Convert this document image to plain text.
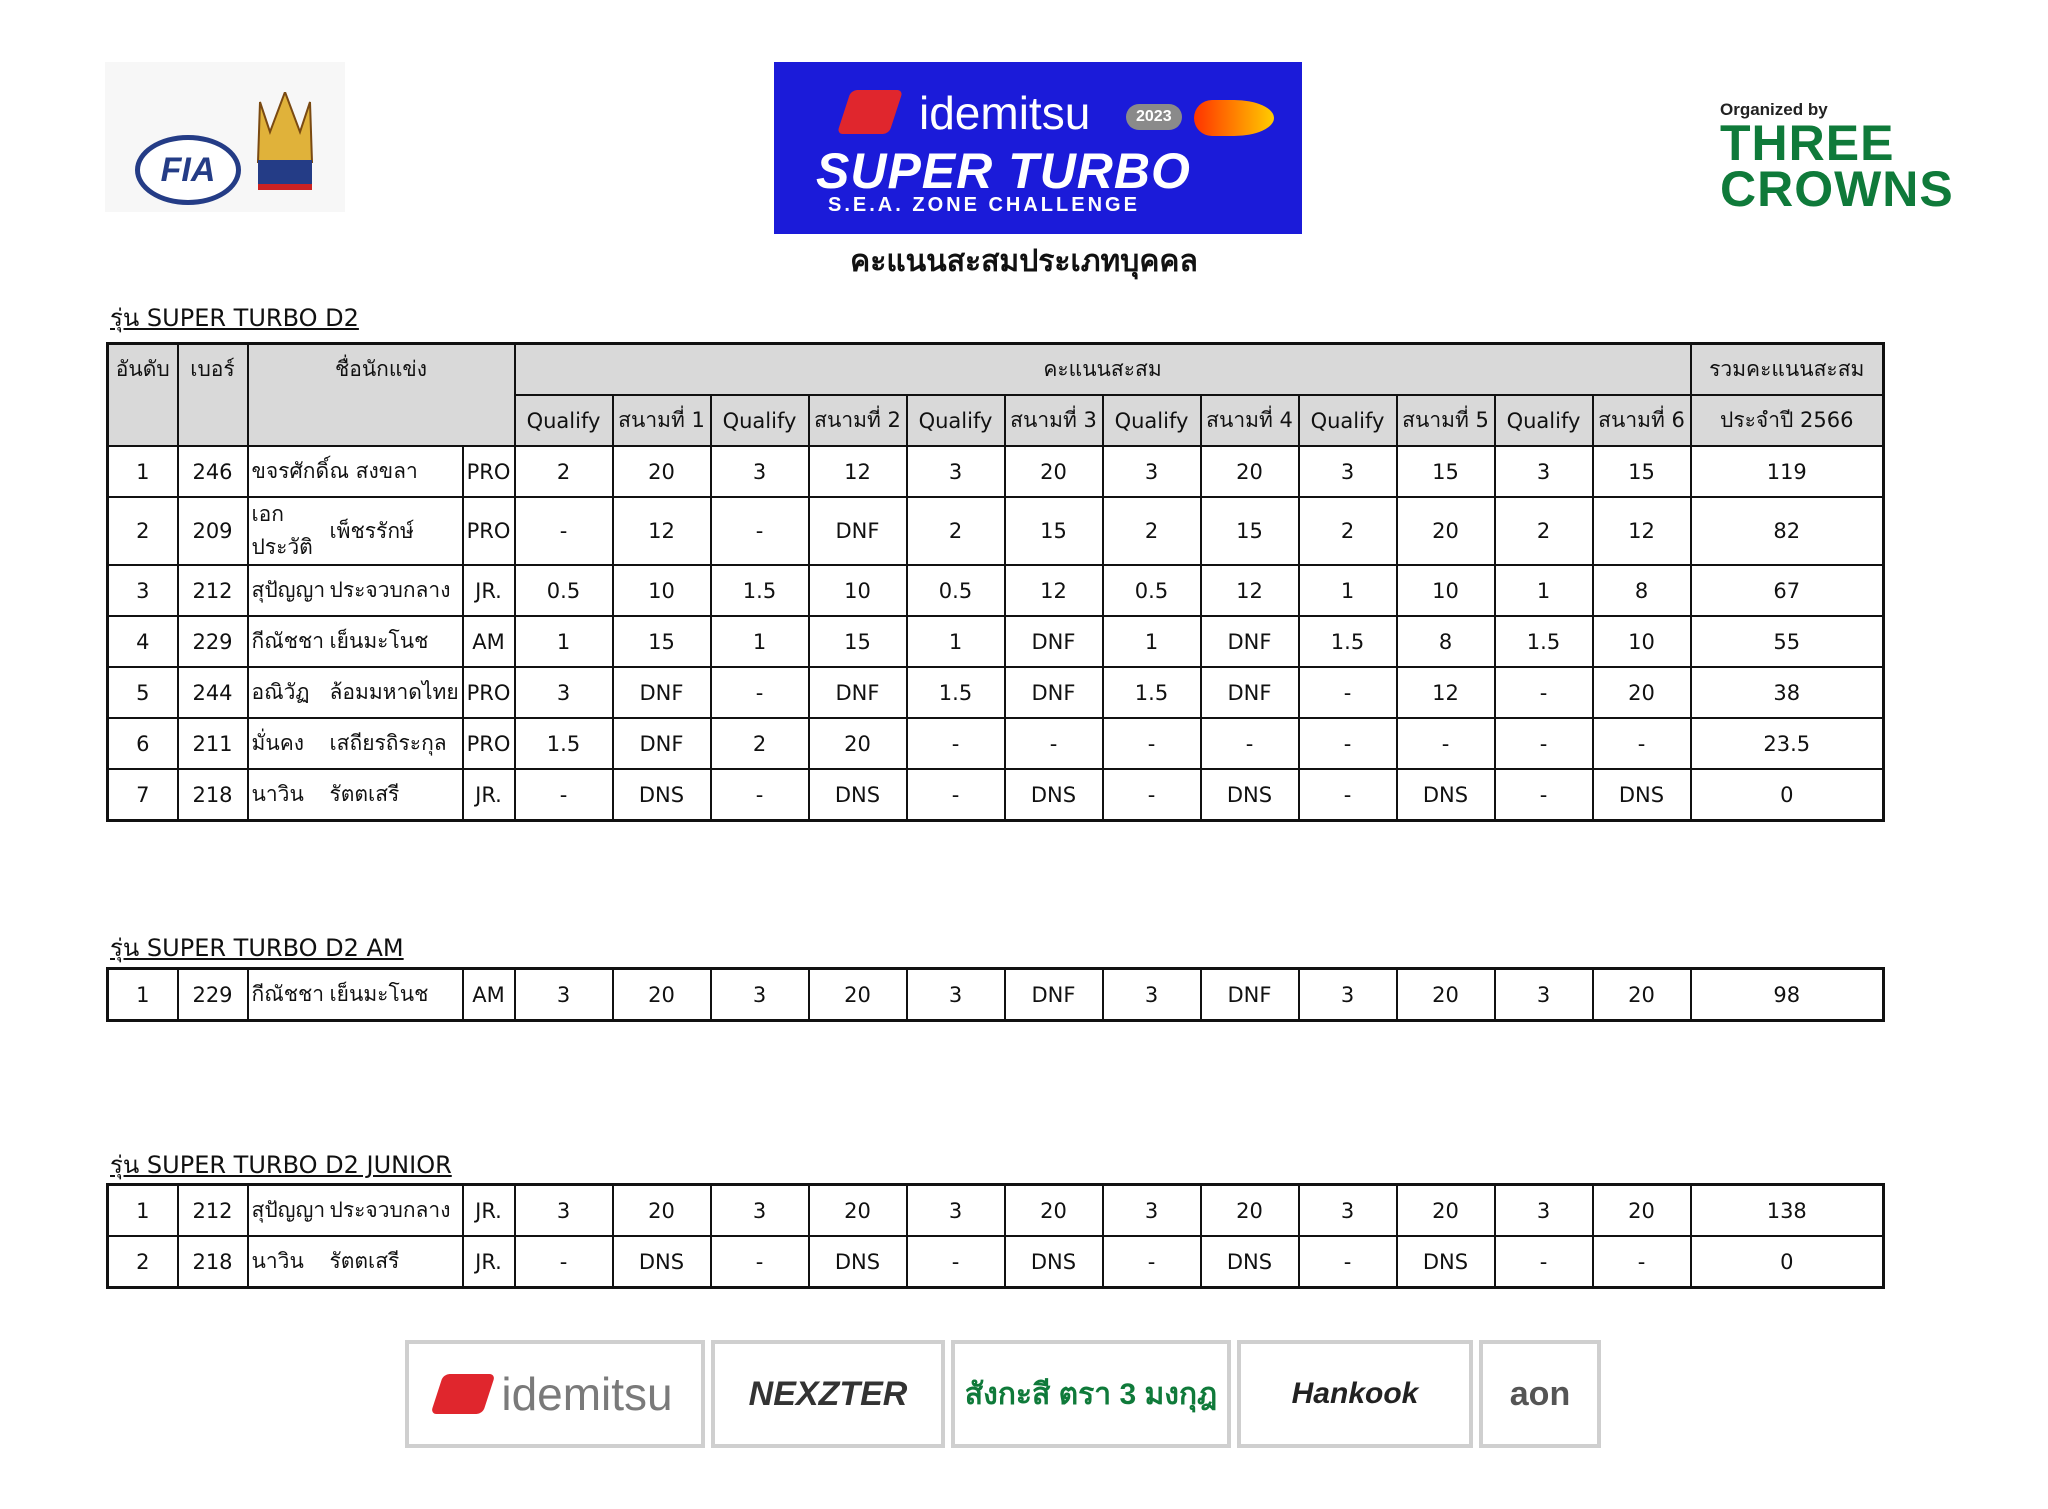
FIA
idemitsu	2023
SUPER TURBO
S.E.A. ZONE CHALLENGE
Organized by
THREE
CROWNS
คะแนนสะสมประเภทบุคคล
รุ่น SUPER TURBO D2
รุ่น SUPER TURBO D2 AM
รุ่น SUPER TURBO D2 JUNIOR
อันดับ	เบอร์	ชื่อนักแข่ง			คะแนนสะสม												รวมคะแนนสะสม
					Qualify	สนามที่ 1	Qualify	สนามที่ 2	Qualify	สนามที่ 3	Qualify	สนามที่ 4	Qualify	สนามที่ 5	Qualify	สนามที่ 6	ประจำปี 2566
1	246	ขจรศักดิ์	ณ สงขลา	PRO	2	20	3	12	3	20	3	20	3	15	3	15	119
2	209	เอกประวัติ	เพ็ชรรักษ์	PRO	-	12	-	DNF	2	15	2	15	2	20	2	12	82
3	212	สุปัญญา	ประจวบกลาง	JR.	0.5	10	1.5	10	0.5	12	0.5	12	1	10	1	8	67
4	229	กีณัชชา	เย็นมะโนช	AM	1	15	1	15	1	DNF	1	DNF	1.5	8	1.5	10	55
5	244	อณิวัฏ	ล้อมมหาดไทย	PRO	3	DNF	-	DNF	1.5	DNF	1.5	DNF	-	12	-	20	38
6	211	มั่นคง	เสถียรถิระกุล	PRO	1.5	DNF	2	20	-	-	-	-	-	-	-	-	23.5
7	218	นาวิน	รัตตเสรี	JR.	-	DNS	-	DNS	-	DNS	-	DNS	-	DNS	-	DNS	0
1	229	กีณัชชา	เย็นมะโนช	AM	3	20	3	20	3	DNF	3	DNF	3	20	3	20	98
1	212	สุปัญญา	ประจวบกลาง	JR.	3	20	3	20	3	20	3	20	3	20	3	20	138
2	218	นาวิน	รัตตเสรี	JR.	-	DNS	-	DNS	-	DNS	-	DNS	-	DNS	-	-	0
idemitsu NEXZTER สังกะสี ตรา 3 มงกุฎ Hankook	aon
